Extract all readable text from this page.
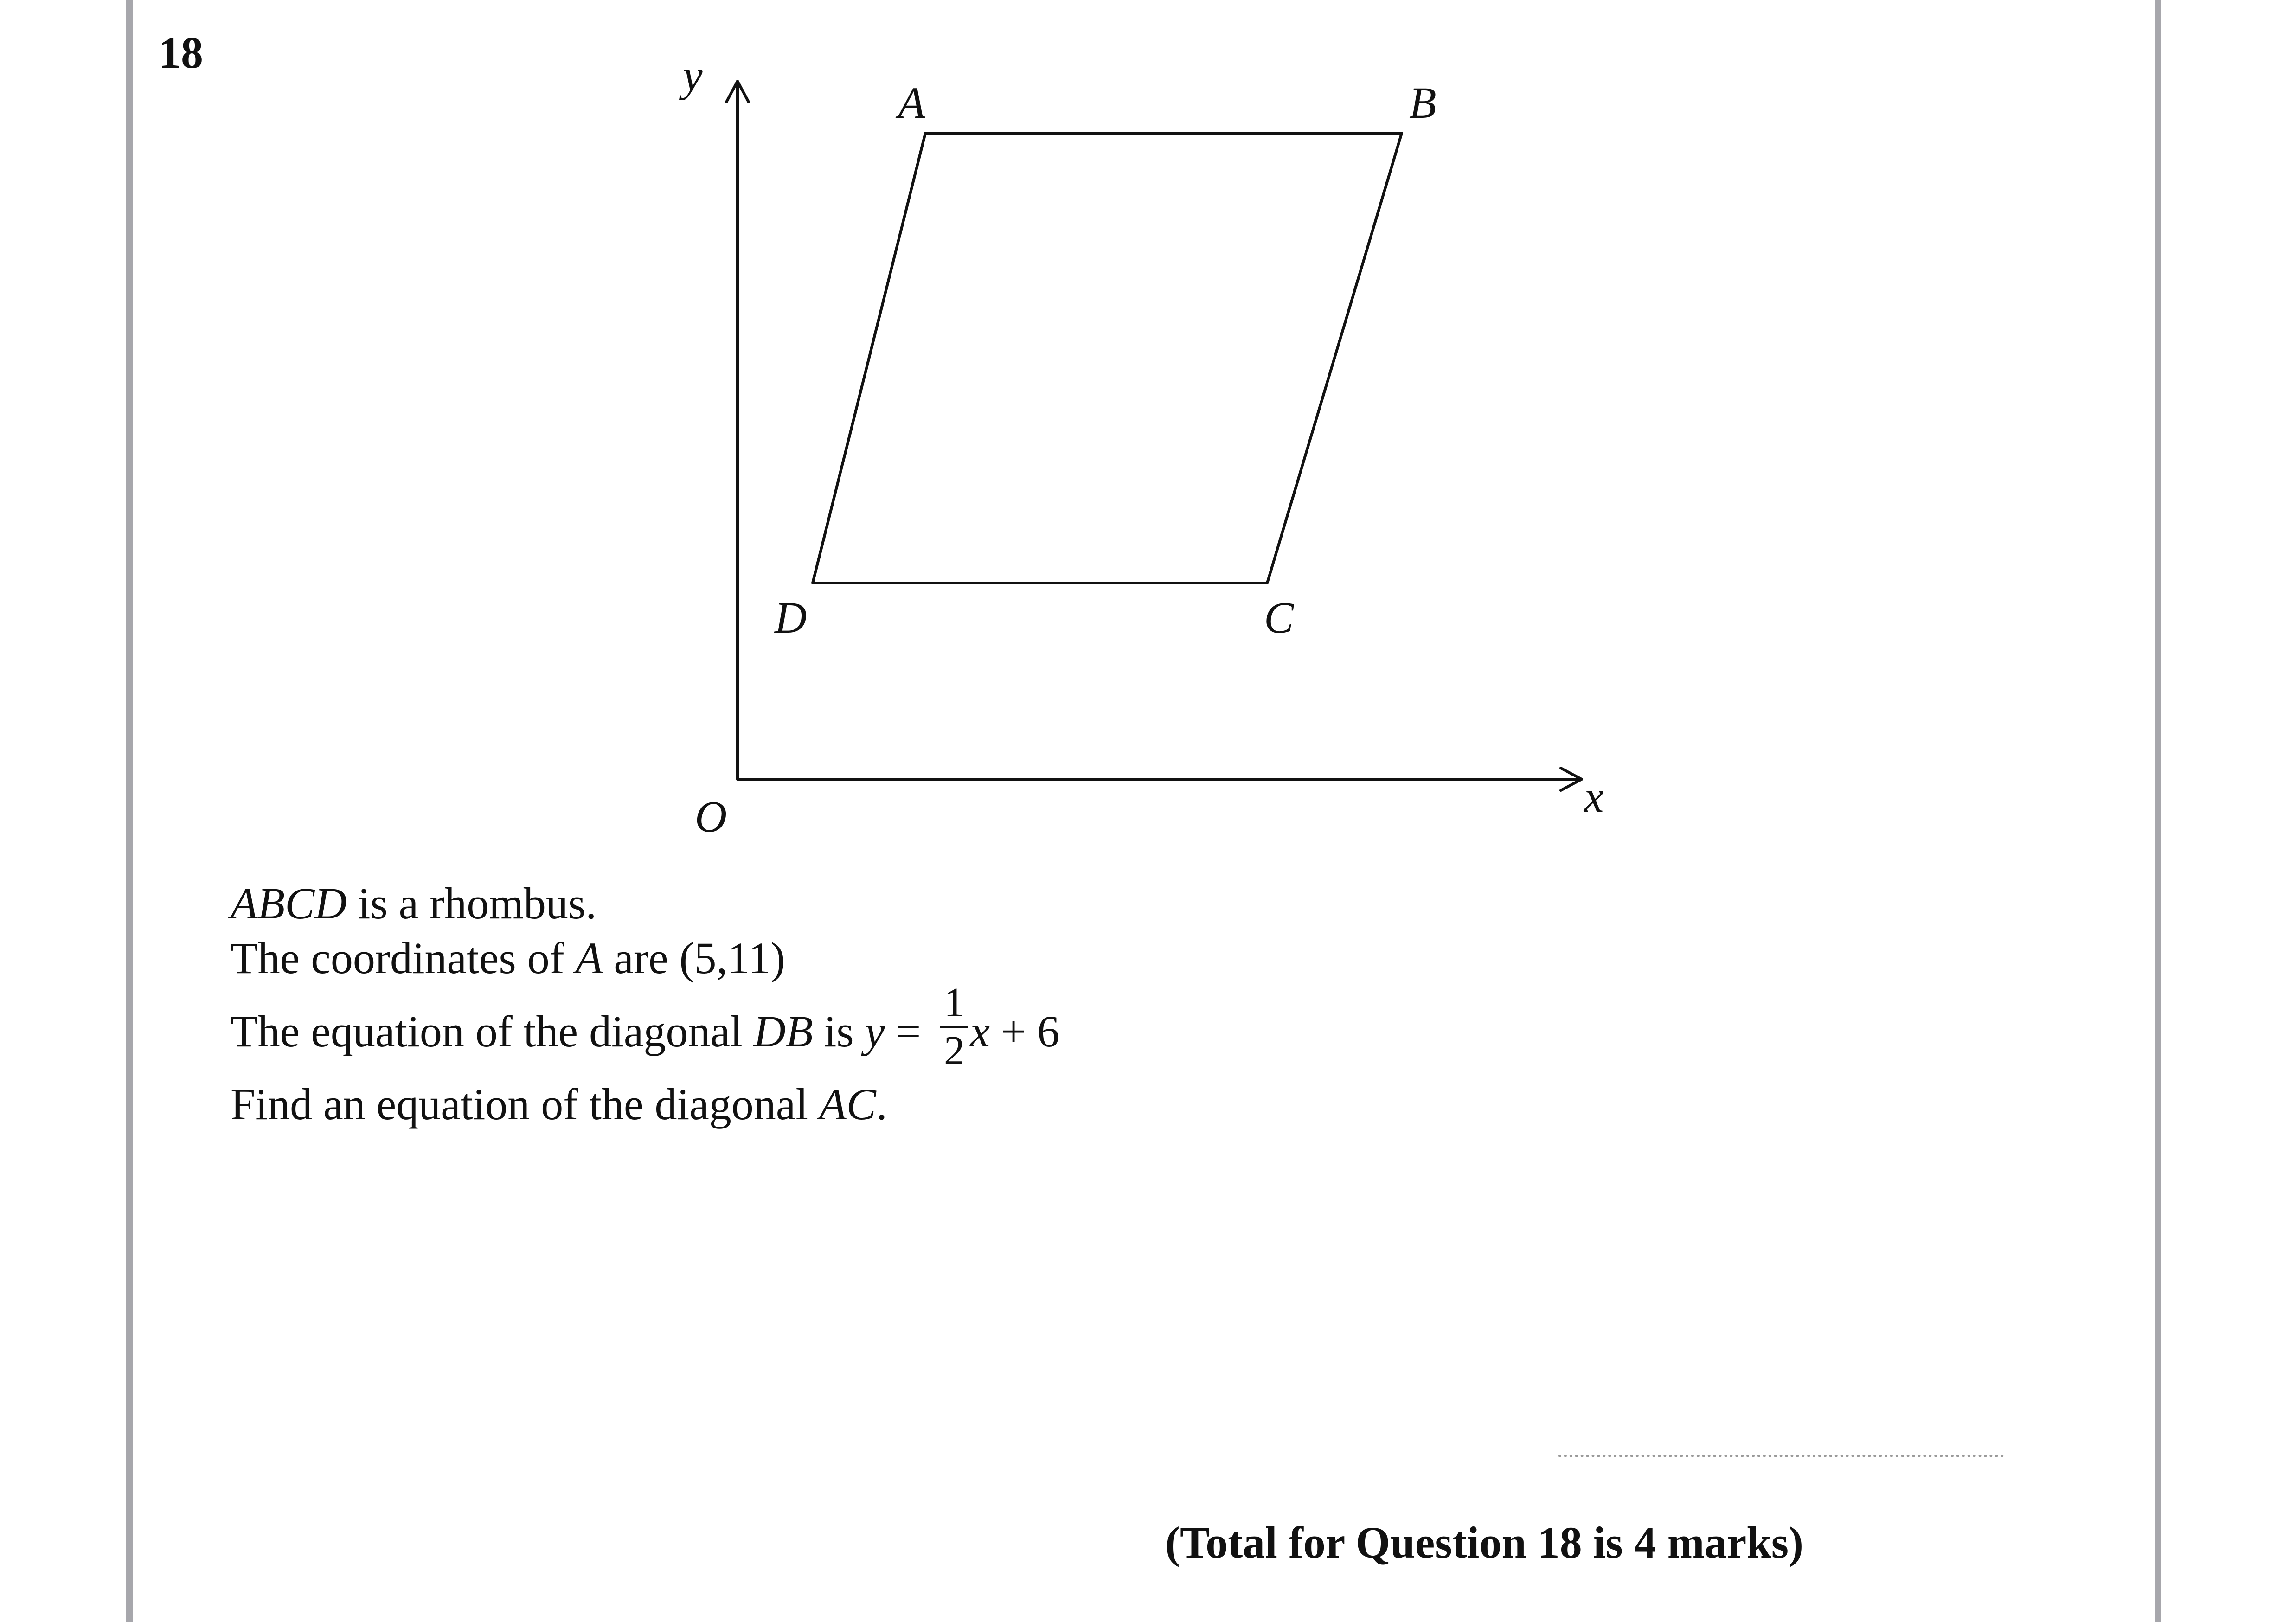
18	y
O	x
A	B
C
D
ABCD is a rhombus.
The coordinates of A are (5,11)
The equation of the diagonal DB is $y = \frac{1}{2}$ x + 6
Find an equation of the diagonal AC.
(Total for Question 18 is 4 marks)
